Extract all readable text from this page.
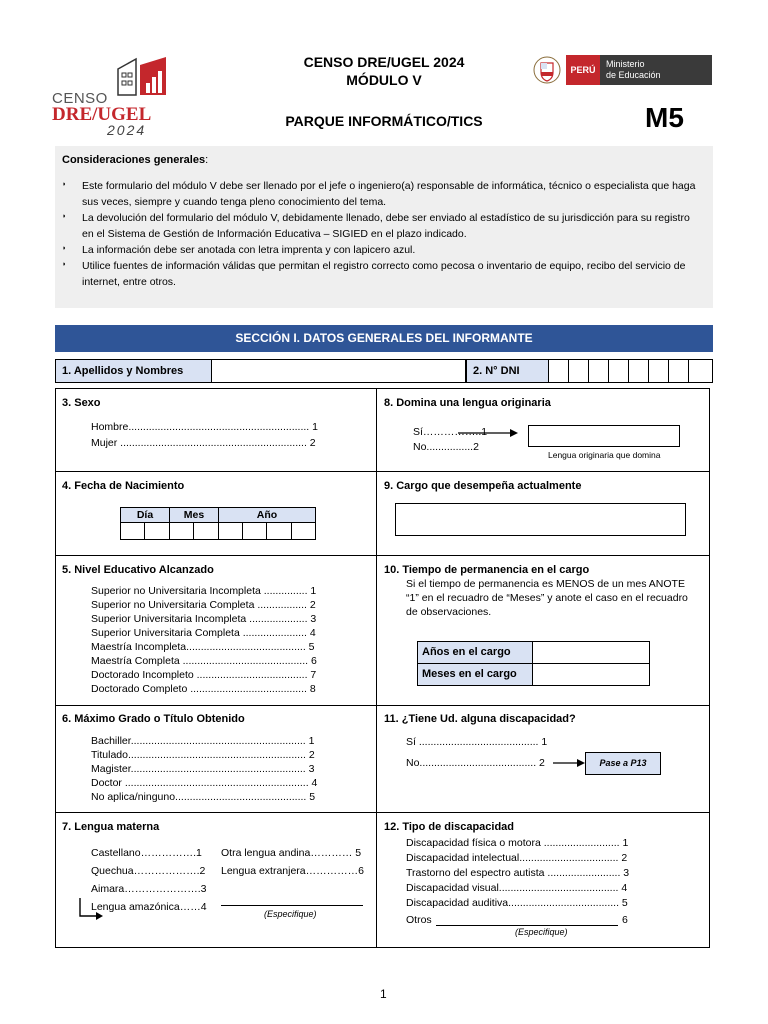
CENSO
DRE/UGEL
2024
CENSO DRE/UGEL 2024
MÓDULO V
PARQUE INFORMÁTICO/TICS
PERÚ
Ministerio
de Educación
M5
Consideraciones generales:
◗ Este formulario del módulo V debe ser llenado por el jefe o ingeniero(a) responsable de informática, técnico o especialista que haga

sus veces, siempre y cuando tenga pleno conocimiento del tema.

◗ La devolución del formulario del módulo V, debidamente llenado, debe ser enviado al estadístico de su jurisdicción para su registro

en el Sistema de Gestión de Información Educativa – SIGIED en el plazo indicado.

◗ La información debe ser anotada con letra imprenta y con lapicero azul.

◗ Utilice fuentes de información válidas que permitan el registro correcto como pecosa o inventario de equipo, recibo del servicio de

internet, entre otros.

SECCIÓN I. DATOS GENERALES DEL INFORMANTE
1. Apellidos y Nombres	2. N° DNI
3. Sexo
Hombre.............................................................. 1
Mujer ................................................................ 2
8. Domina una lengua originaria
Sí……………..1
No................2
Lengua originaria que domina
4. Fecha de Nacimiento
Día	Mes	Año
9. Cargo que desempeña actualmente
5. Nivel Educativo Alcanzado
Superior no Universitaria Incompleta ............... 1
Superior no Universitaria Completa ................. 2
Superior Universitaria Incompleta .................... 3
Superior Universitaria Completa ...................... 4
Maestría Incompleta......................................... 5
Maestría Completa ........................................... 6
Doctorado Incompleto ...................................... 7
Doctorado Completo ........................................ 8
10. Tiempo de permanencia en el cargo
Si el tiempo de permanencia es MENOS de un mes ANOTE
“1” en el recuadro de “Meses” y anote el caso en el recuadro
de observaciones.
Años en el cargo
Meses en el cargo
6. Máximo Grado o Título Obtenido
Bachiller............................................................ 1
Titulado............................................................. 2
Magister............................................................ 3
Doctor ............................................................... 4
No aplica/ninguno............................................. 5
11. ¿Tiene Ud. alguna discapacidad?
Sí ......................................... 1
No........................................ 2	Pase a P13
7. Lengua materna
Castellano…………….1
Quechua……………….2
Aimara………………….3
Lengua amazónica……4
Otra lengua andina………… 5
Lengua extranjera……………6
(Especifique)
12. Tipo de discapacidad
Discapacidad física o motora .......................... 1
Discapacidad intelectual.................................. 2
Trastorno del espectro autista ......................... 3
Discapacidad visual......................................... 4
Discapacidad auditiva...................................... 5
Otros	6
(Especifique)
1
